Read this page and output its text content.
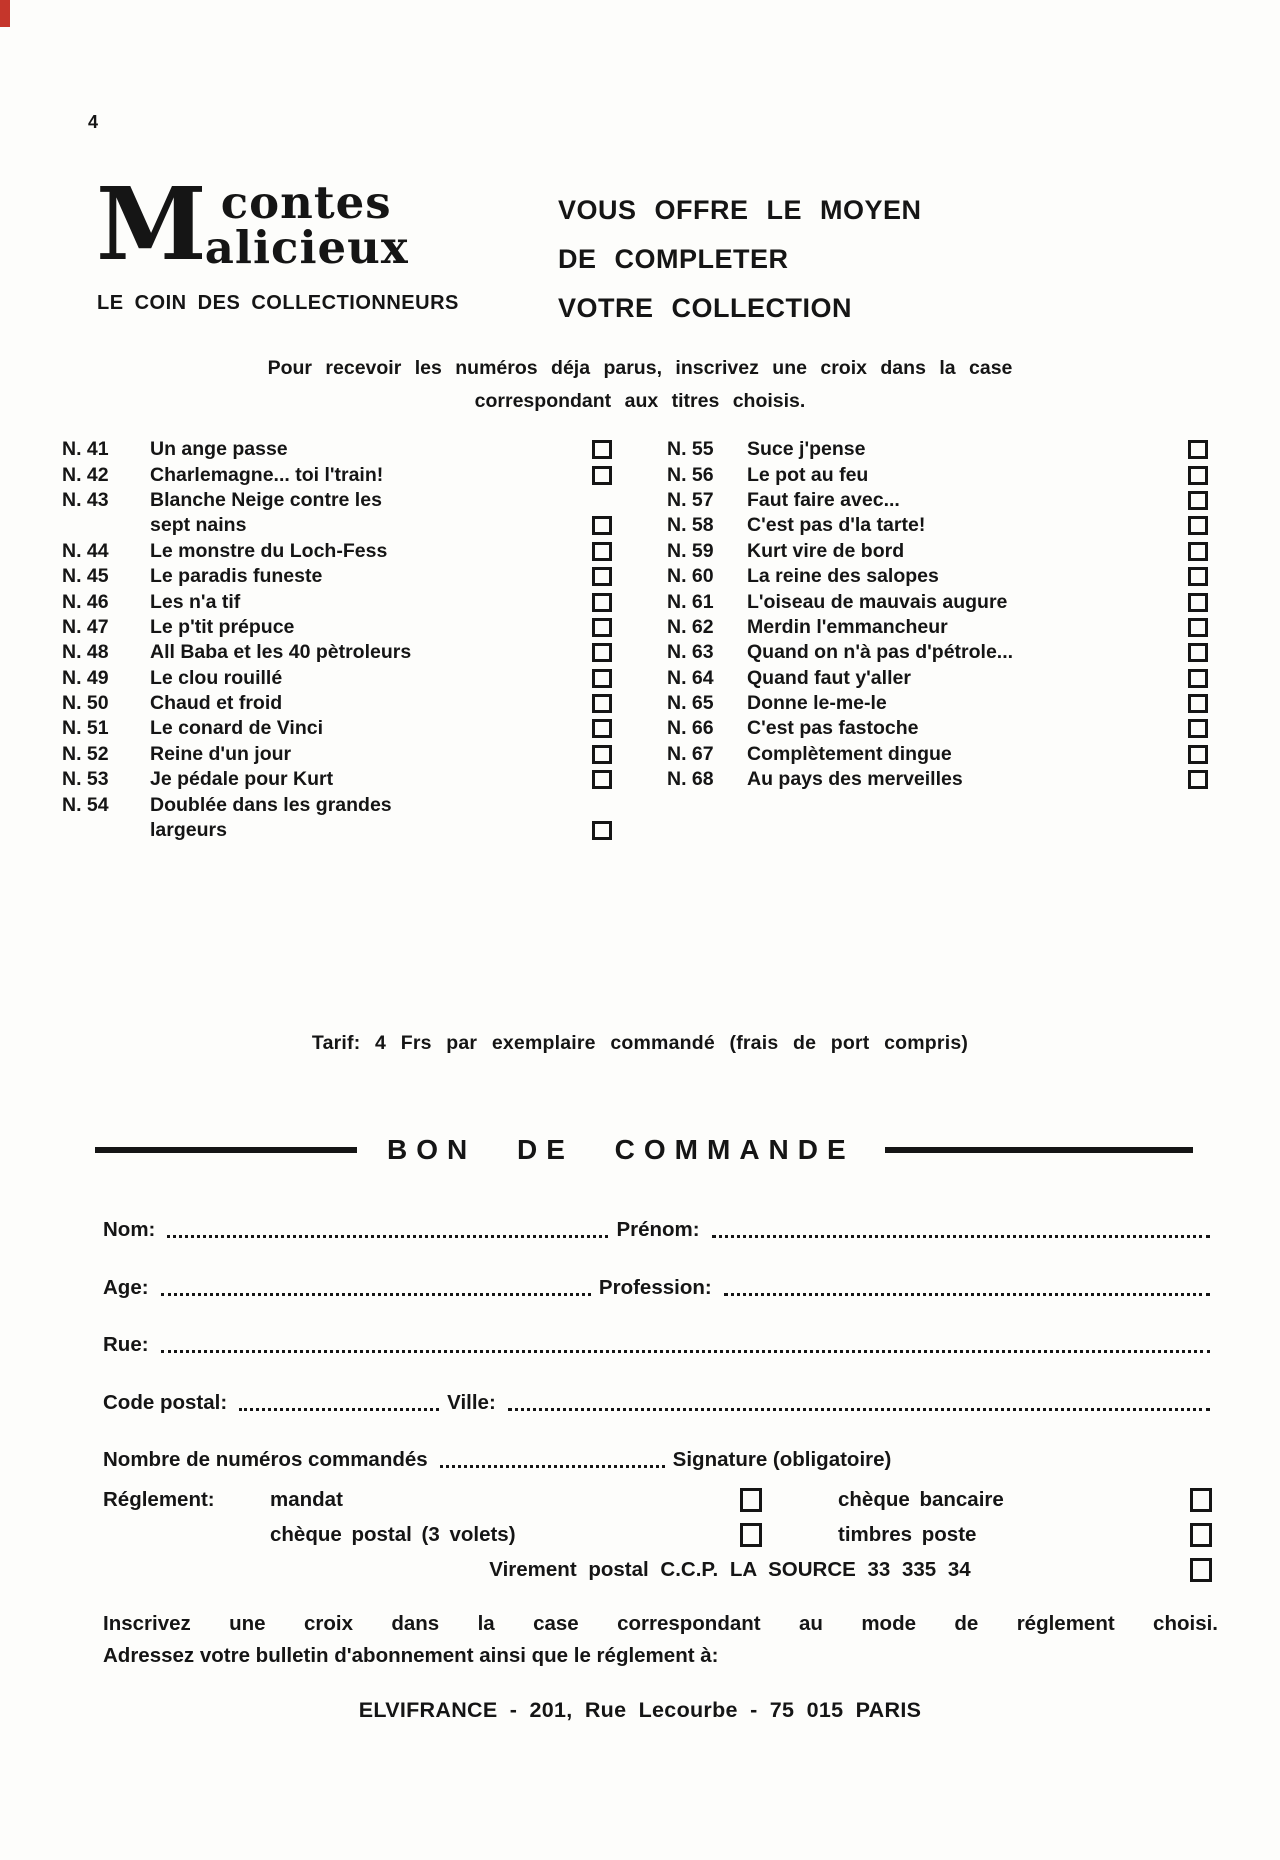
4
M contes
alicieux
LE COIN DES COLLECTIONNEURS
VOUS OFFRE LE MOYEN
DE COMPLETER
VOTRE COLLECTION
Pour recevoir les numéros déja parus, inscrivez une croix dans la case
correspondant aux titres choisis.
N. 41	Un ange passe	N. 55	Suce j'pense
N. 42	Charlemagne... toi l'train!	N. 56	Le pot au feu
N. 43	Blanche Neige contre les	N. 57	Faut faire avec...
sept nains	N. 58	C'est pas d'la tarte!
N. 44	Le monstre du Loch-Fess	N. 59	Kurt vire de bord
N. 45	Le paradis funeste	N. 60	La reine des salopes
N. 46	Les n'a tif	N. 61	L'oiseau de mauvais augure
N. 47	Le p'tit prépuce	N. 62	Merdin l'emmancheur
N. 48	All Baba et les 40 pètroleurs	N. 63	Quand on n'à pas d'pétrole...
N. 49	Le clou rouillé	N. 64	Quand faut y'aller
N. 50	Chaud et froid	N. 65	Donne le-me-le
N. 51	Le conard de Vinci	N. 66	C'est pas fastoche
N. 52	Reine d'un jour	N. 67	Complètement dingue
N. 53	Je pédale pour Kurt	N. 68	Au pays des merveilles
N. 54	Doublée dans les grandes
largeurs
Tarif: 4 Frs par exemplaire commandé (frais de port compris)
BON DE COMMANDE
Nom:	Prénom:
Age:	Profession:
Rue:
Code postal:	Ville:
Nombre de numéros commandés	Signature (obligatoire)
Réglement:	mandat	chèque bancaire
chèque postal (3 volets)	timbres poste
Virement postal C.C.P. LA SOURCE 33 335 34
Inscrivez une croix dans la case correspondant au mode de réglement choisi.
Adressez votre bulletin d'abonnement ainsi que le réglement à:
ELVIFRANCE - 201, Rue Lecourbe - 75 015 PARIS
